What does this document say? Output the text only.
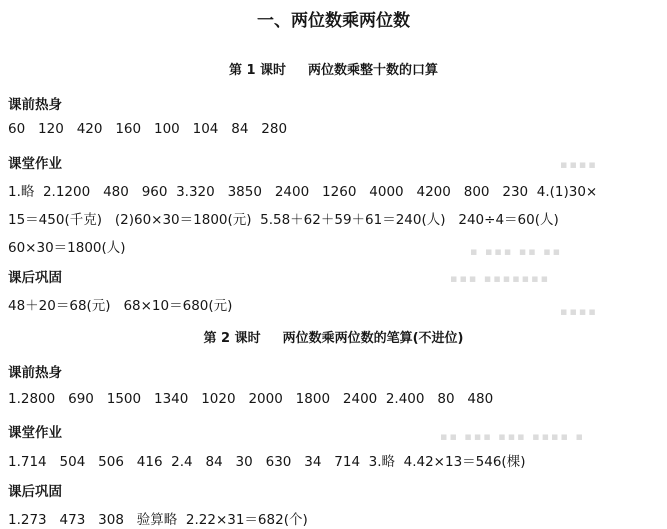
▪▪▪▪
▪ ▪▪▪ ▪▪ ▪▪
▪▪▪ ▪▪▪▪▪▪▪
▪▪▪▪
▪▪ ▪▪▪ ▪▪▪ ▪▪▪▪ ▪
一、两位数乘两位数
第 1 课时 两位数乘整十数的口算
课前热身
60   120   420   160   100   104   84   280
课堂作业
1.略  2.1200   480   960  3.320   3850   2400   1260   4000   4200   800   230  4.(1)30×
15＝450(千克)   (2)60×30＝1800(元)  5.58＋62＋59＋61＝240(人)   240÷4＝60(人)
60×30＝1800(人)
课后巩固
48＋20＝68(元)   68×10＝680(元)
第 2 课时 两位数乘两位数的笔算(不进位)
课前热身
1.2800   690   1500   1340   1020   2000   1800   2400  2.400   80   480
课堂作业
1.714   504   506   416  2.4   84   30   630   34   714  3.略  4.42×13＝546(棵)
课后巩固
1.273   473   308   验算略  2.22×31＝682(个)
